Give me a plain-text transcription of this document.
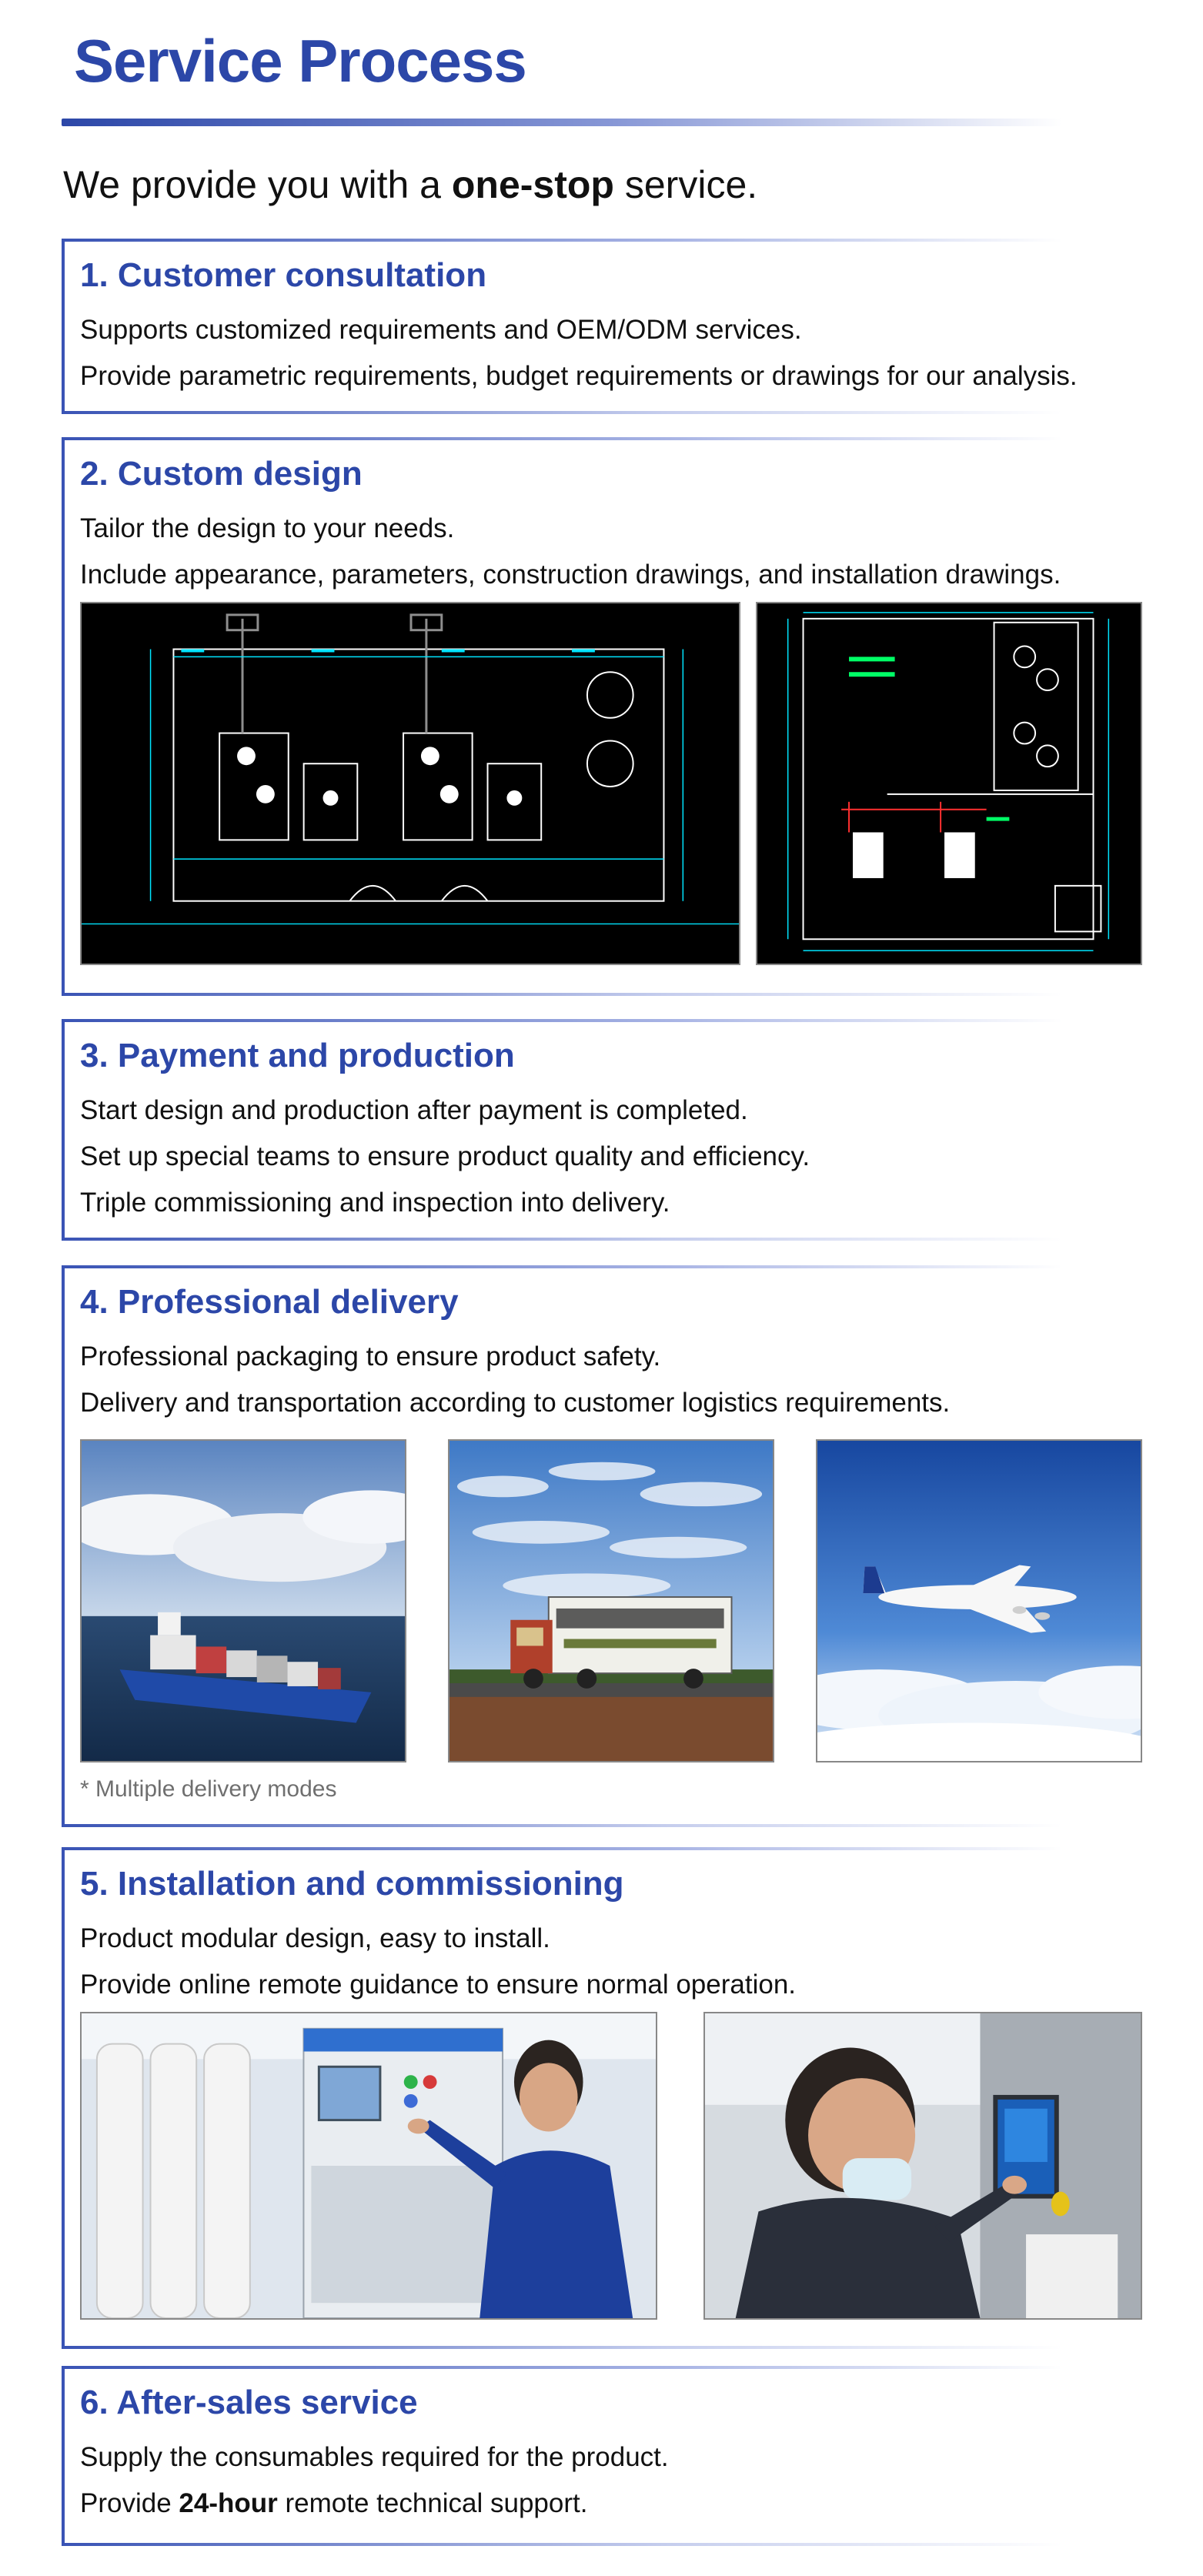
Service Process
We provide you with a one-stop service.
1. Customer consultation
Supports customized requirements and OEM/ODM services.
Provide parametric requirements, budget requirements or drawings for our analysis.
2. Custom design
Tailor the design to your needs.
Include appearance, parameters, construction drawings, and installation drawings.
3. Payment and production
Start design and production after payment is completed.
Set up special teams to ensure product quality and efficiency.
Triple commissioning and inspection into delivery.
4. Professional delivery
Professional packaging to ensure product safety.
Delivery and transportation according to customer logistics requirements.
* Multiple delivery modes
5. Installation and commissioning
Product modular design, easy to install.
Provide online remote guidance to ensure normal operation.
6. After-sales service
Supply the consumables required for the product.
Provide 24-hour remote technical support.
